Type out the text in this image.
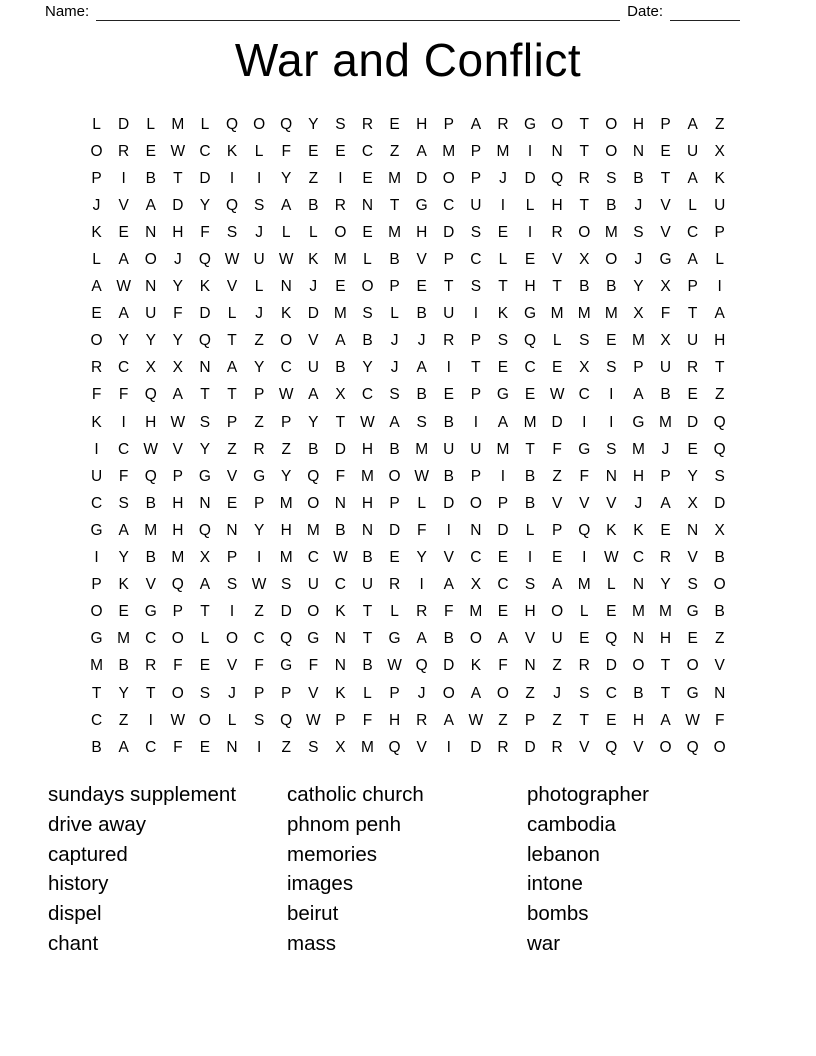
Name:	Date:
War and Conflict
L	D	L	M	L	Q O Q	Y	S	R	E	H	P	A	R G O	T	O H	P	A	Z
O R	E W C	K	L	F	E	E	C	Z	A M P M	I	N	T	O N	E	U	X
P	I	B	T	D	I	I	Y	Z	I	E M D O	P	J	D Q R	S	B	T	A	K
J	V	A	D	Y	Q	S	A	B	R	N	T	G C	U	I	L	H	T	B	J	V	L	U
K	E	N	H	F	S	J	L	L	O	E M H	D	S	E	I	R O M S	V	C	P
L	A	O	J	Q W U W K M	L	B	V	P	C	L	E	V	X	O	J	G	A	L
A W N	Y	K	V	L	N	J	E	O	P	E	T	S	T	H	T	B	B	Y	X	P	I
E	A	U	F	D	L	J	K	D M S	L	B	U	I	K	G M M M X	F	T	A
O	Y	Y	Y	Q	T	Z	O	V	A	B	J	J	R	P	S	Q	L	S	E M X	U	H
R	C	X	X	N	A	Y	C	U	B	Y	J	A	I	T	E	C	E	X	S	P	U	R	T
F	F	Q	A	T	T	P W A	X	C	S	B	E	P	G	E W C	I	A	B	E	Z
K	I	H W S	P	Z	P	Y	T W A	S	B	I	A M D	I	I	G M D Q
I	C W V	Y	Z	R	Z	B	D	H	B M U	U M	T	F	G	S M	J	E	Q
U	F	Q	P	G	V	G	Y	Q	F	M O W B	P	I	B	Z	F	N	H	P	Y	S
C	S	B	H	N	E	P M O N	H	P	L	D O	P	B	V	V	V	J	A	X	D
G	A M H Q N	Y	H M B	N	D	F	I	N	D	L	P	Q	K	K	E	N	X
I	Y	B M X	P	I	M C W B	E	Y	V	C	E	I	E	I	W C	R	V	B
P	K	V	Q	A	S W S	U	C	U	R	I	A	X	C	S	A M	L	N	Y	S	O
O	E	G	P	T	I	Z	D O	K	T	L	R	F	M E	H O	L	E M M G	B
G M C O	L	O C Q G N	T	G	A	B	O	A	V	U	E	Q N	H	E	Z
M B	R	F	E	V	F	G	F	N	B W Q D	K	F	N	Z	R	D O	T	O	V
T	Y	T	O	S	J	P	P	V	K	L	P	J	O	A	O	Z	J	S	C	B	T	G N
C	Z	I	W O	L	S	Q W P	F	H	R	A W Z	P	Z	T	E	H	A W F
B	A	C	F	E	N	I	Z	S	X M Q	V	I	D	R	D	R	V	Q	V	O Q O
sundays supplement
drive away
captured
history
dispel
chant
catholic church
phnom penh
memories
images
beirut
mass
photographer
cambodia
lebanon
intone
bombs
war
